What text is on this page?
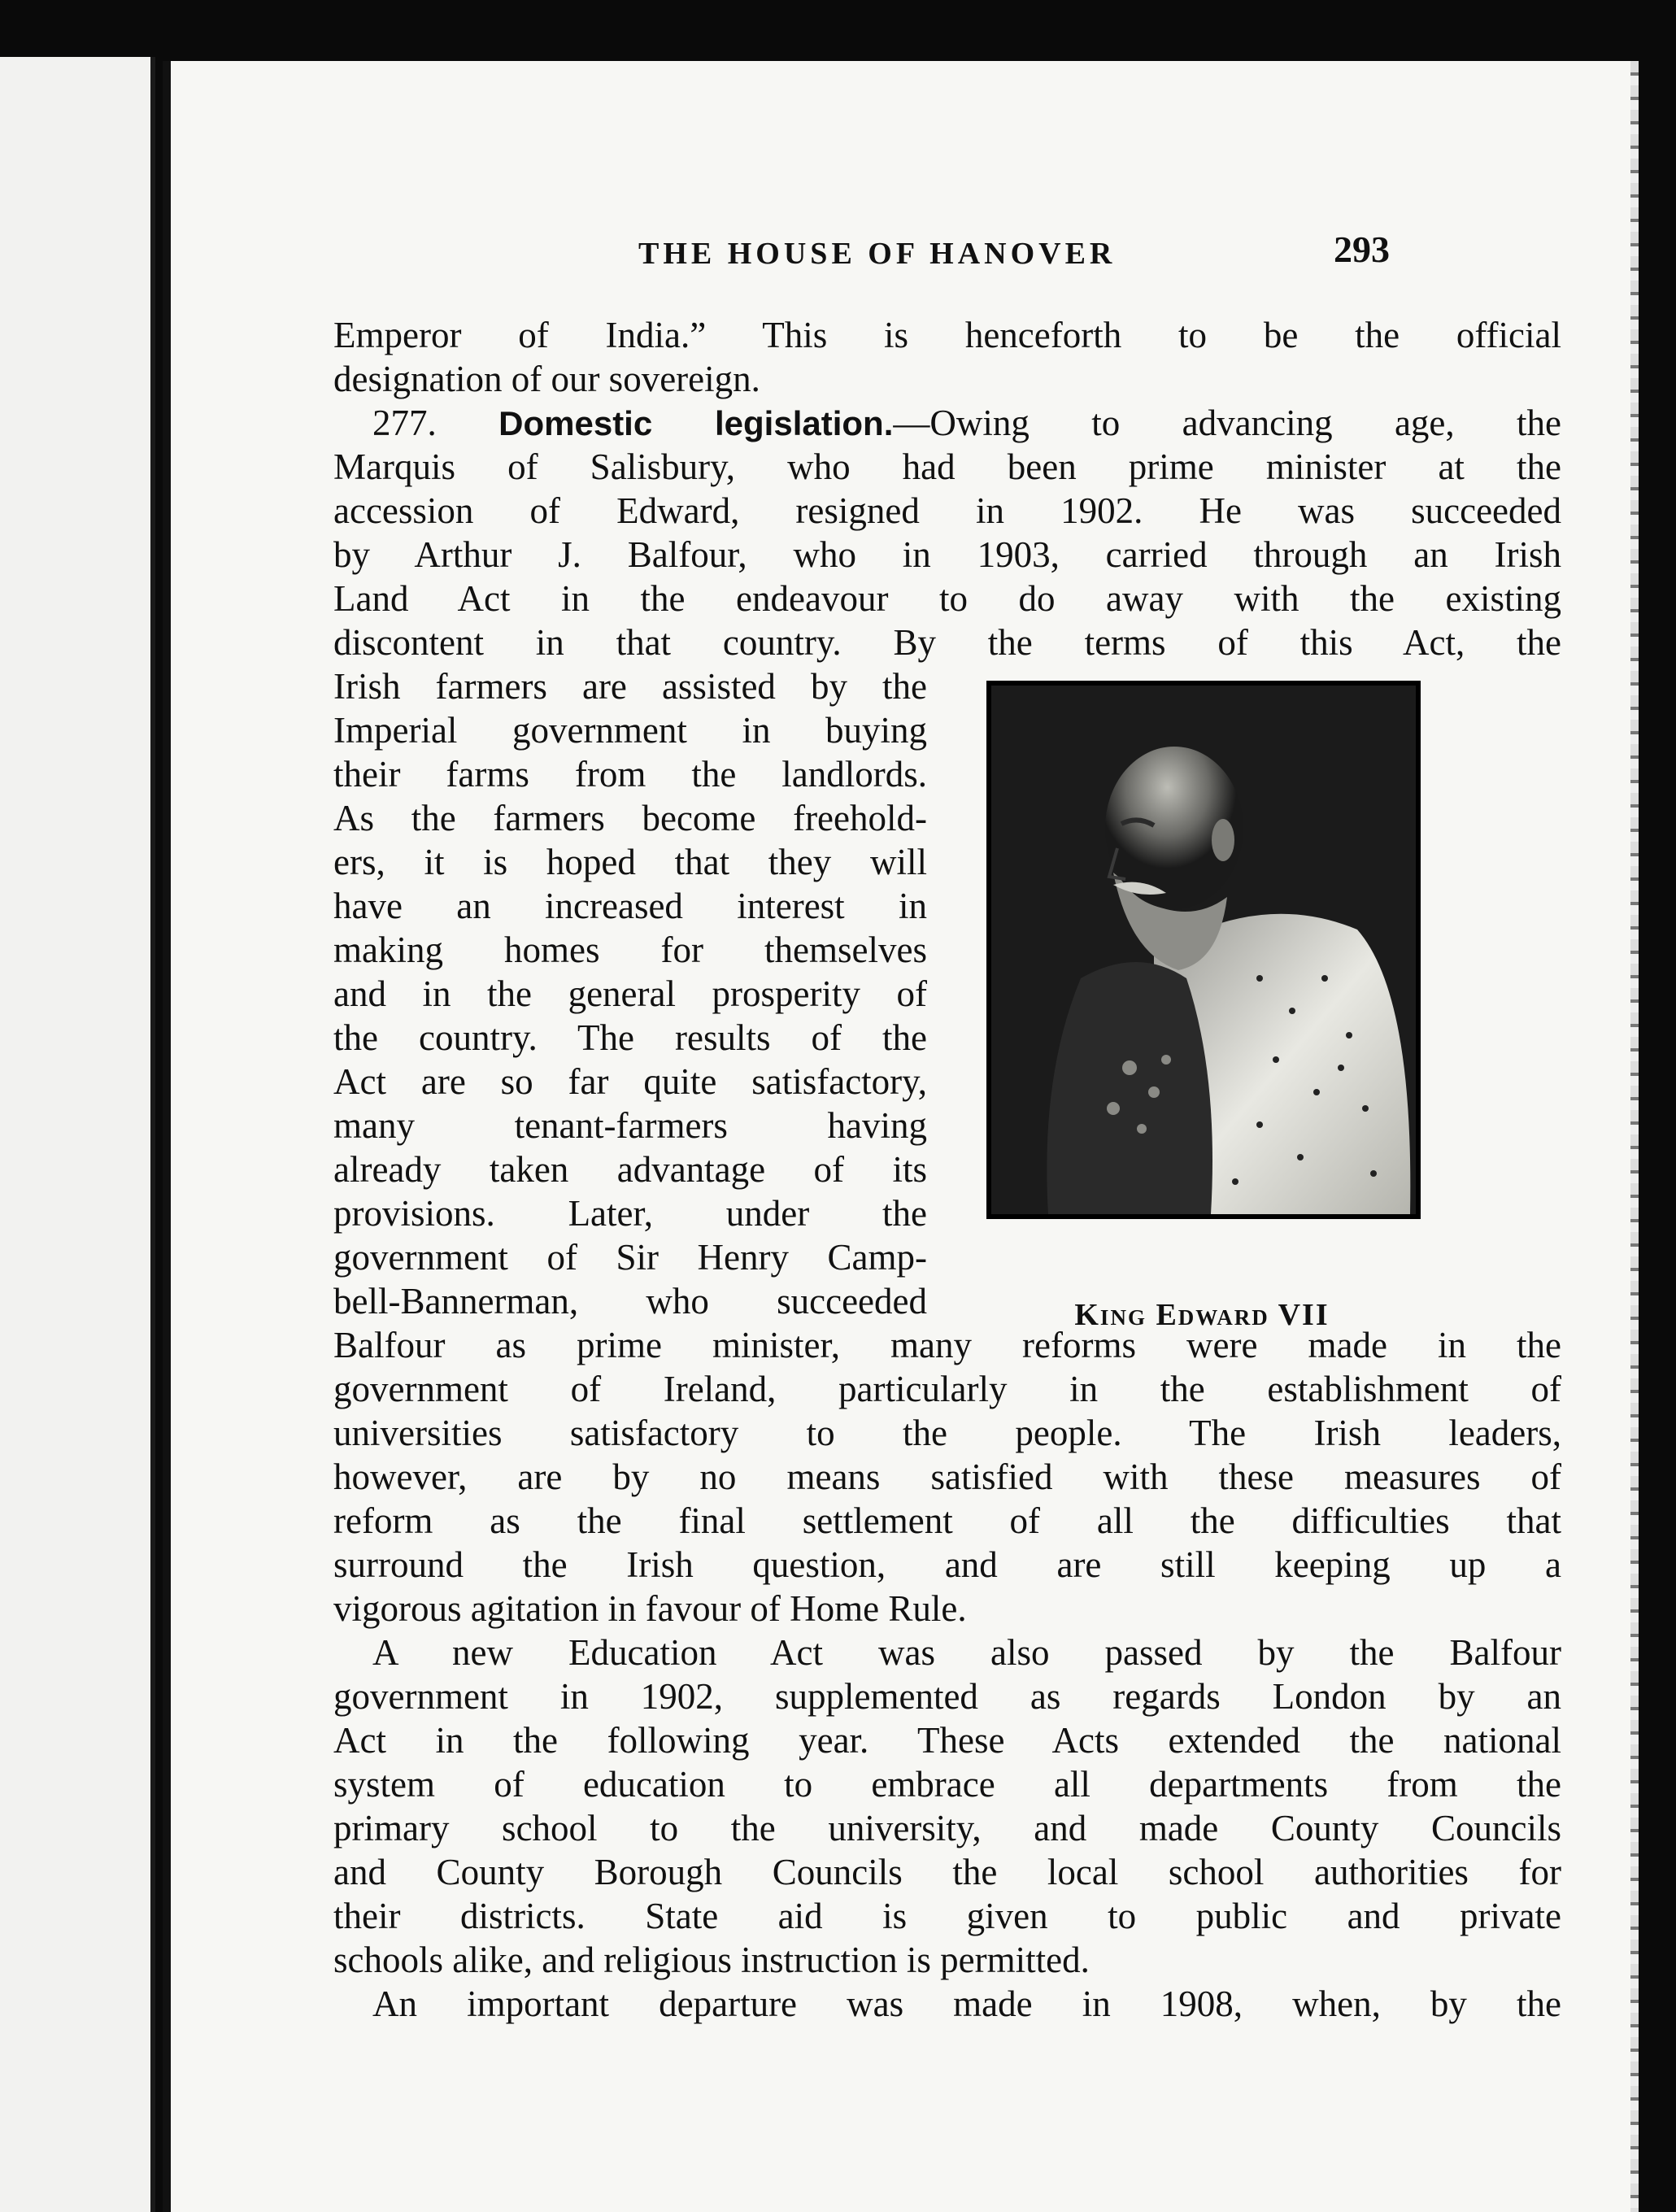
THE HOUSE OF HANOVER	293
Emperor of India.” This is henceforth to be the official
designation of our sovereign.
277. Domestic legislation.—Owing to advancing age, the
Marquis of Salisbury, who had been prime minister at the
accession of Edward, resigned in 1902. He was succeeded
by Arthur J. Balfour, who in 1903, carried through an Irish
Land Act in the endeavour to do away with the existing
discontent in that country. By the terms of this Act, the
Irish farmers are assisted by the
Imperial government in buying
their farms from the landlords.
As the farmers become freehold-
ers, it is hoped that they will
have an increased interest in
making homes for themselves
and in the general prosperity of
the country. The results of the
Act are so far quite satisfactory,
many tenant-farmers having
already taken advantage of its
provisions. Later, under the
government of Sir Henry Camp-
bell-Bannerman, who succeeded	King Edward VII
Balfour as prime minister, many reforms were made in the
government of Ireland, particularly in the establishment of
universities satisfactory to the people. The Irish leaders,
however, are by no means satisfied with these measures of
reform as the final settlement of all the difficulties that
surround the Irish question, and are still keeping up a
vigorous agitation in favour of Home Rule.
A new Education Act was also passed by the Balfour
government in 1902, supplemented as regards London by an
Act in the following year. These Acts extended the national
system of education to embrace all departments from the
primary school to the university, and made County Councils
and County Borough Councils the local school authorities for
their districts. State aid is given to public and private
schools alike, and religious instruction is permitted.
An important departure was made in 1908, when, by the
